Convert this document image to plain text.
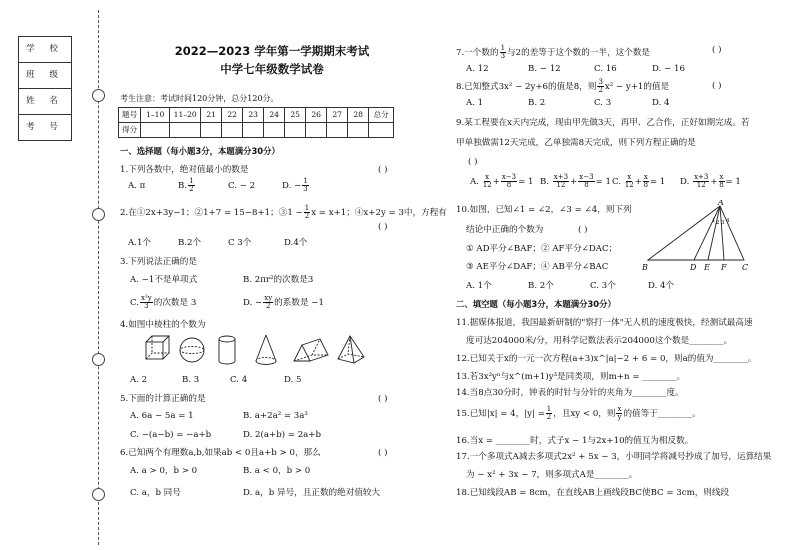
学 校
班 级
姓 名
考 号
2022—2023 学年第一学期期末考试
中学七年级数学试卷
考生注意：考试时间120分钟，总分120分。
题号	1–10	11–20	21	22	23	24	25	26	27	28	总分
得分											
一、选择题（每小题3分，本题满分30分）
1.下列各数中，绝对值最小的数是	( )
A. π	B. $\frac{1}{2}$	C. − 2	D. − $\frac{1}{3}$
2.在①2x+3y−1；②1+7 = 15−8+1；③1 − $\frac{1}{2}$ x = x+1；④x+2y = 3中，方程有
( )
A.1个	B.2个	C 3个	D.4个
3.下列说法正确的是
A. −1不是单项式	B. 2πr²的次数是3
C. $\frac{\text{x²y}}{3}$ 的次数是 3	D. − $\frac{xy}{2}$ 的系数是 −1
4.如图中棱柱的个数为
A. 2	B. 3	C. 4	D. 5
5.下面的计算正确的是	( )
A. 6a − 5a = 1	B. a+2a² = 3a³
C. −(a−b) = −a+b	D. 2(a+b) = 2a+b
6.已知两个有理数a,b,如果ab < 0且a+b > 0，那么	( )
A. a > 0，b > 0	B. a < 0，b > 0
C. a，b 同号	D. a，b 异号，且正数的绝对值较大
7.一个数的 $\frac{1}{3}$ 与2的差等于这个数的一半，这个数是	( )
A. 12	B. − 12	C. 16	D. − 16
8.已知整式3x² − 2y+6的值是8，则 $\frac{3}{2} x^2 - y+1$的值是	( )
A. 1	B. 2	C. 3	D. 4
9.某工程要在x天内完成，现由甲先做3天，再甲、乙合作，正好如期完成。若
甲单独做需12天完成，乙单独需8天完成，则下列方程正确的是
( )
A. $\frac{x}{12} + \frac{x-3}{8} = 1$ B. $\frac{x+3}{12} + \frac{x-3}{8} = 1$ C. $\frac{x}{12} + \frac{x}{8} = 1$ D. $\frac{x+3}{12} + \frac{x}{8} = 1$
10.如图，已知∠1 = ∠2，∠3 = ∠4，则下列
结论中正确的个数为	( )
① AD平分∠BAF；② AF平分∠DAC；
③ AE平分∠DAF；④ AB平分∠BAC
A. 1个	B. 2个	C. 3个	D. 4个
A
B	D E F C
1 2 3 4
二、填空题（每小题3分，本题满分30分）
11.据媒体报道，我国最新研制的"察打一体"无人机的速度极快，经测试最高速
度可达204000米/分，用科学记数法表示204000这个数是________。
12.已知关于x的一元一次方程(a+3)x^|a|−2 + 6 = 0，则a的值为________。
13.若3x²yⁿ与x^(m+1)y³是同类项，则m+n = ________。
14.当8点30分时，钟表的时针与分针的夹角为________度。
15.已知|x| = 4，$|y| = \frac{1}{2}$ ，且xy < 0，则 $\frac{x}{y}$ 的值等于________。
16.当x = ________时，式子x − 1与2x+10的值互为相反数。
17.一个多项式A减去多项式2x² + 5x − 3，小明同学将减号抄成了加号，运算结果
为 − x² + 3x − 7，则多项式A是________。
18.已知线段AB = 8cm，在直线AB上画线段BC使BC = 3cm，则线段
